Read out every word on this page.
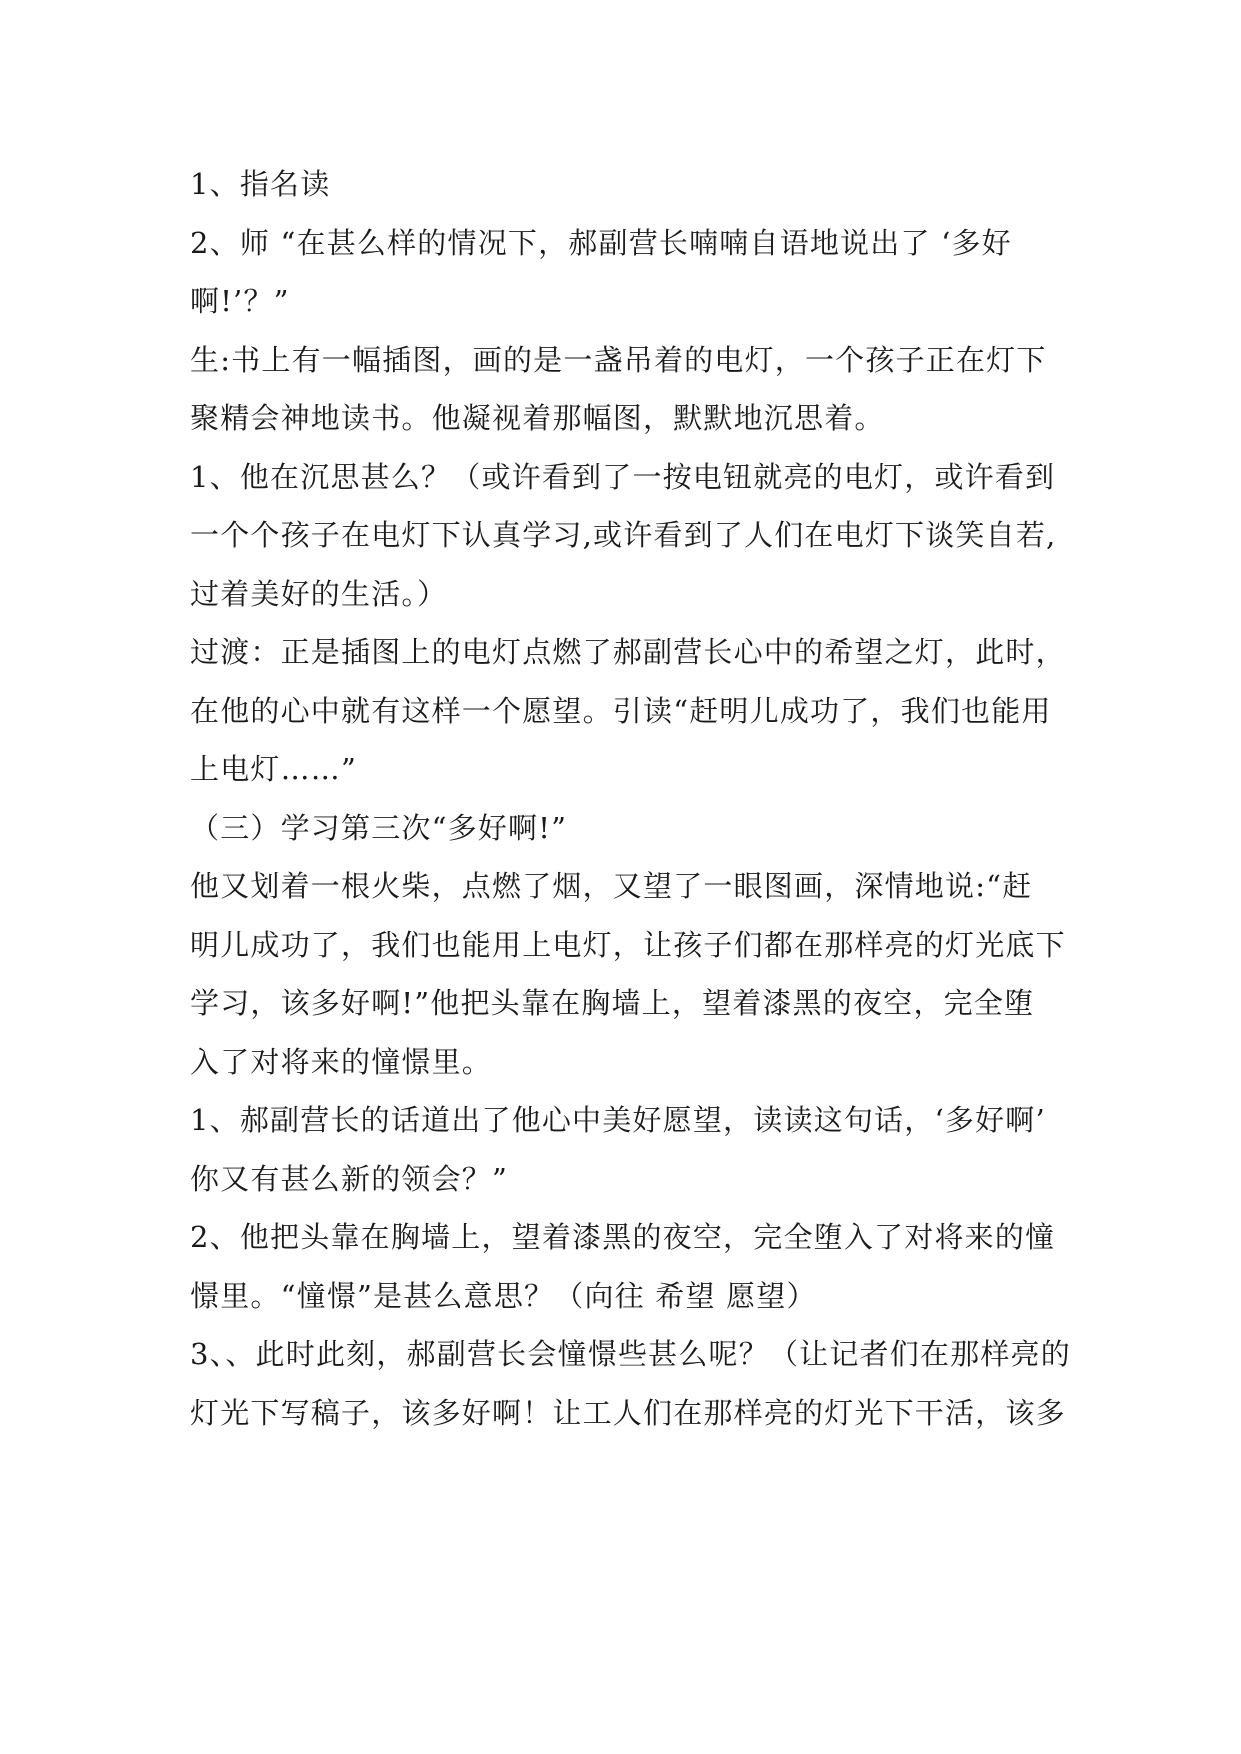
1、指名读
2、师 “在甚么样的情况下，郝副营长喃喃自语地说出了 ‘多好
啊!’？”
生:书上有一幅插图，画的是一盏吊着的电灯，一个孩子正在灯下
聚精会神地读书。他凝视着那幅图，默默地沉思着。
1、他在沉思甚么？（或许看到了一按电钮就亮的电灯，或许看到
一个个孩子在电灯下认真学习,或许看到了人们在电灯下谈笑自若,
过着美好的生活。）
过渡：正是插图上的电灯点燃了郝副营长心中的希望之灯，此时，
在他的心中就有这样一个愿望。引读“赶明儿成功了，我们也能用
上电灯……”
（三）学习第三次“多好啊!”
他又划着一根火柴，点燃了烟，又望了一眼图画，深情地说:“赶
明儿成功了，我们也能用上电灯，让孩子们都在那样亮的灯光底下
学习，该多好啊!”他把头靠在胸墙上，望着漆黑的夜空，完全堕
入了对将来的憧憬里。
1、郝副营长的话道出了他心中美好愿望，读读这句话，‘多好啊’
你又有甚么新的领会？”
2、他把头靠在胸墙上，望着漆黑的夜空，完全堕入了对将来的憧
憬里。“憧憬”是甚么意思？（向往 希望 愿望）
3、、此时此刻，郝副营长会憧憬些甚么呢？（让记者们在那样亮的
灯光下写稿子，该多好啊！让工人们在那样亮的灯光下干活，该多
